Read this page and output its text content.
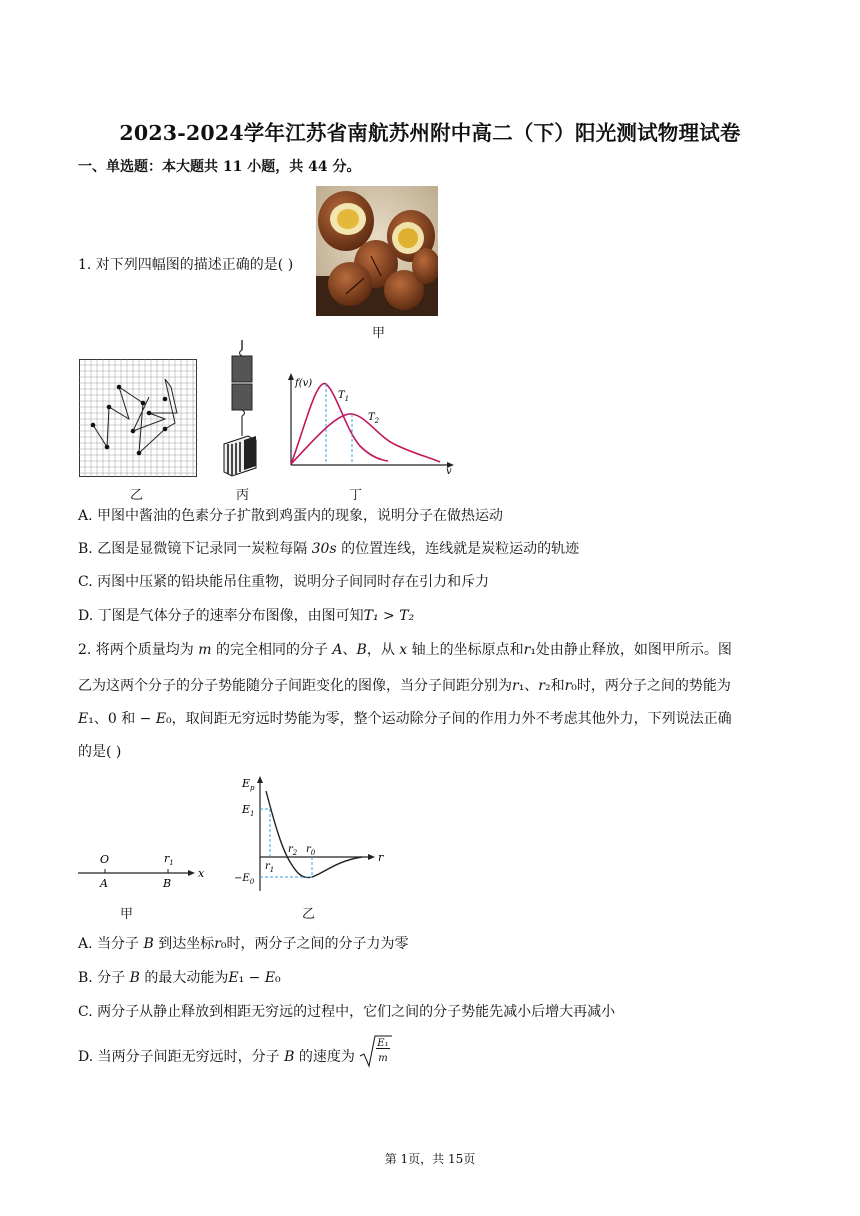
2023-2024学年江苏省南航苏州附中高二（下）阳光测试物理试卷
一、单选题：本大题共 11 小题，共 44 分。
1. 对下列四幅图的描述正确的是( )
甲
乙	丙
f(v)
v
$T_1$
$T_2$
丁
A. 甲图中酱油的色素分子扩散到鸡蛋内的现象，说明分子在做热运动
B. 乙图是显微镜下记录同一炭粒每隔 30s 的位置连线，连线就是炭粒运动的轨迹
C. 丙图中压紧的铅块能吊住重物，说明分子间同时存在引力和斥力
D. 丁图是气体分子的速率分布图像，由图可知T₁ > T₂
2. 将两个质量均为 𝑚 的完全相同的分子 𝐴、𝐵，从 𝑥 轴上的坐标原点和𝑟₁处由静止释放，如图甲所示。图
乙为这两个分子的分子势能随分子间距变化的图像，当分子间距分别为𝑟₁、𝑟₂和𝑟₀时，两分子之间的势能为
𝐸₁、0 和 − 𝐸₀，取间距无穷远时势能为零，整个运动除分子间的作用力外不考虑其他外力，下列说法正确
的是( )
O	$r_1$
A	B
x
甲
$E_p$
$E_1$
$r_2$ $r_0$	r
$r_1$
$-E_0$
乙
A. 当分子 𝐵 到达坐标𝑟₀时，两分子之间的分子力为零
B. 分子 𝐵 的最大动能为𝐸₁ − 𝐸₀
C. 两分子从静止释放到相距无穷远的过程中，它们之间的分子势能先减小后增大再减小
D. 当两分子间距无穷远时，分子 𝐵 的速度为 $\frac{\text{E₁}}{m}$
第 1页，共 15页
